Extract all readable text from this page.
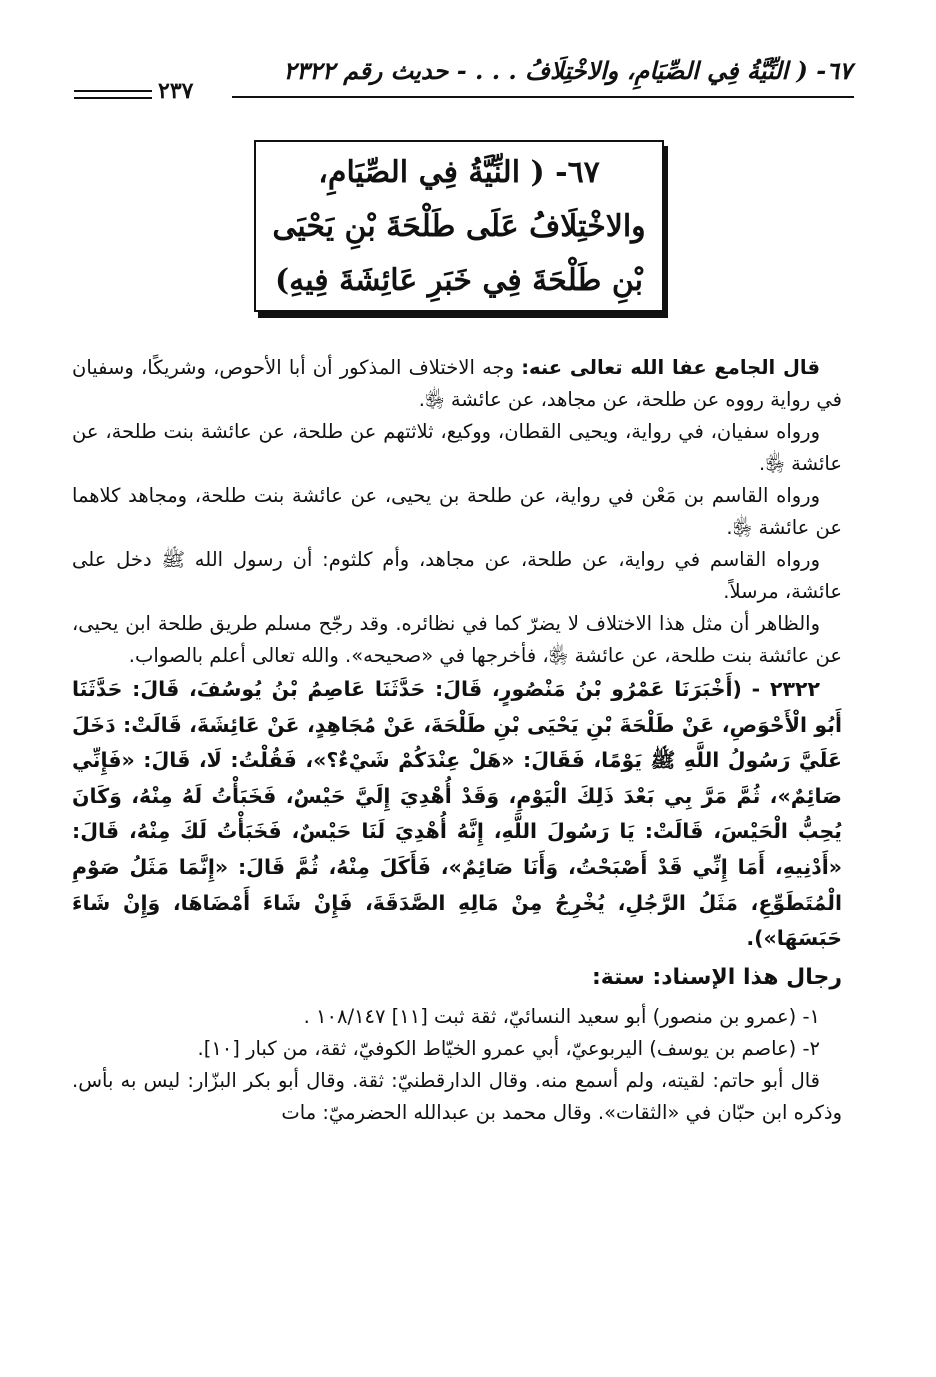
٦٧- ( النِّيَّةُ فِي الصِّيَامِ، والاخْتِلَافُ . . . - حديث رقم ٢٣٢٢
٢٣٧
٦٧- ( النِّيَّةُ فِي الصِّيَامِ، والاخْتِلَافُ عَلَى طَلْحَةَ بْنِ يَحْيَى بْنِ طَلْحَةَ فِي خَبَرِ عَائِشَةَ فِيهِ)

قال الجامع عفا الله تعالى عنه: وجه الاختلاف المذكور أن أبا الأحوص، وشريكًا، وسفيان في رواية رووه عن طلحة، عن مجاهد، عن عائشة ﵂.

ورواه سفيان، في رواية، ويحيى القطان، ووكيع، ثلاثتهم عن طلحة، عن عائشة بنت طلحة، عن عائشة ﵂.

ورواه القاسم بن مَعْن في رواية، عن طلحة بن يحيى، عن عائشة بنت طلحة، ومجاهد كلاهما عن عائشة ﵂.

ورواه القاسم في رواية، عن طلحة، عن مجاهد، وأم كلثوم: أن رسول الله ﷺ دخل على عائشة، مرسلاً.

والظاهر أن مثل هذا الاختلاف لا يضرّ كما في نظائره. وقد رجّح مسلم طريق طلحة ابن يحيى، عن عائشة بنت طلحة، عن عائشة ﵂، فأخرجها في «صحيحه». والله تعالى أعلم بالصواب.

٢٣٢٢ - (أَخْبَرَنَا عَمْرُو بْنُ مَنْصُورٍ، قَالَ: حَدَّثَنَا عَاصِمُ بْنُ يُوسُفَ، قَالَ: حَدَّثَنَا أَبُو الْأَحْوَصِ، عَنْ طَلْحَةَ بْنِ يَحْيَى بْنِ طَلْحَةَ، عَنْ مُجَاهِدٍ، عَنْ عَائِشَةَ، قَالَتْ: دَخَلَ عَلَيَّ رَسُولُ اللَّهِ ﷺ يَوْمًا، فَقَالَ: «هَلْ عِنْدَكُمْ شَيْءٌ؟»، فَقُلْتُ: لَا، قَالَ: «فَإِنِّي صَائِمٌ»، ثُمَّ مَرَّ بِي بَعْدَ ذَلِكَ الْيَوْمِ، وَقَدْ أُهْدِيَ إِلَيَّ حَيْسٌ، فَخَبَأْتُ لَهُ مِنْهُ، وَكَانَ يُحِبُّ الْحَيْسَ، قَالَتْ: يَا رَسُولَ اللَّهِ، إِنَّهُ أُهْدِيَ لَنَا حَيْسٌ، فَخَبَأْتُ لَكَ مِنْهُ، قَالَ: «أَدْنِيهِ، أَمَا إِنِّي قَدْ أَصْبَحْتُ، وَأَنَا صَائِمٌ»، فَأَكَلَ مِنْهُ، ثُمَّ قَالَ: «إِنَّمَا مَثَلُ صَوْمِ الْمُتَطَوِّعِ، مَثَلُ الرَّجُلِ، يُخْرِجُ مِنْ مَالِهِ الصَّدَقَةَ، فَإِنْ شَاءَ أَمْضَاهَا، وَإِنْ شَاءَ حَبَسَهَا»).

رجال هذا الإسناد: ستة:

١- (عمرو بن منصور) أبو سعيد النسائيّ، ثقة ثبت [١١] ١٠٨/١٤٧ .

٢- (عاصم بن يوسف) اليربوعيّ، أبي عمرو الخيّاط الكوفيّ، ثقة، من كبار [١٠].

قال أبو حاتم: لقيته، ولم أسمع منه. وقال الدارقطنيّ: ثقة. وقال أبو بكر البزّار: ليس به بأس. وذكره ابن حبّان في «الثقات». وقال محمد بن عبدالله الحضرميّ: مات
